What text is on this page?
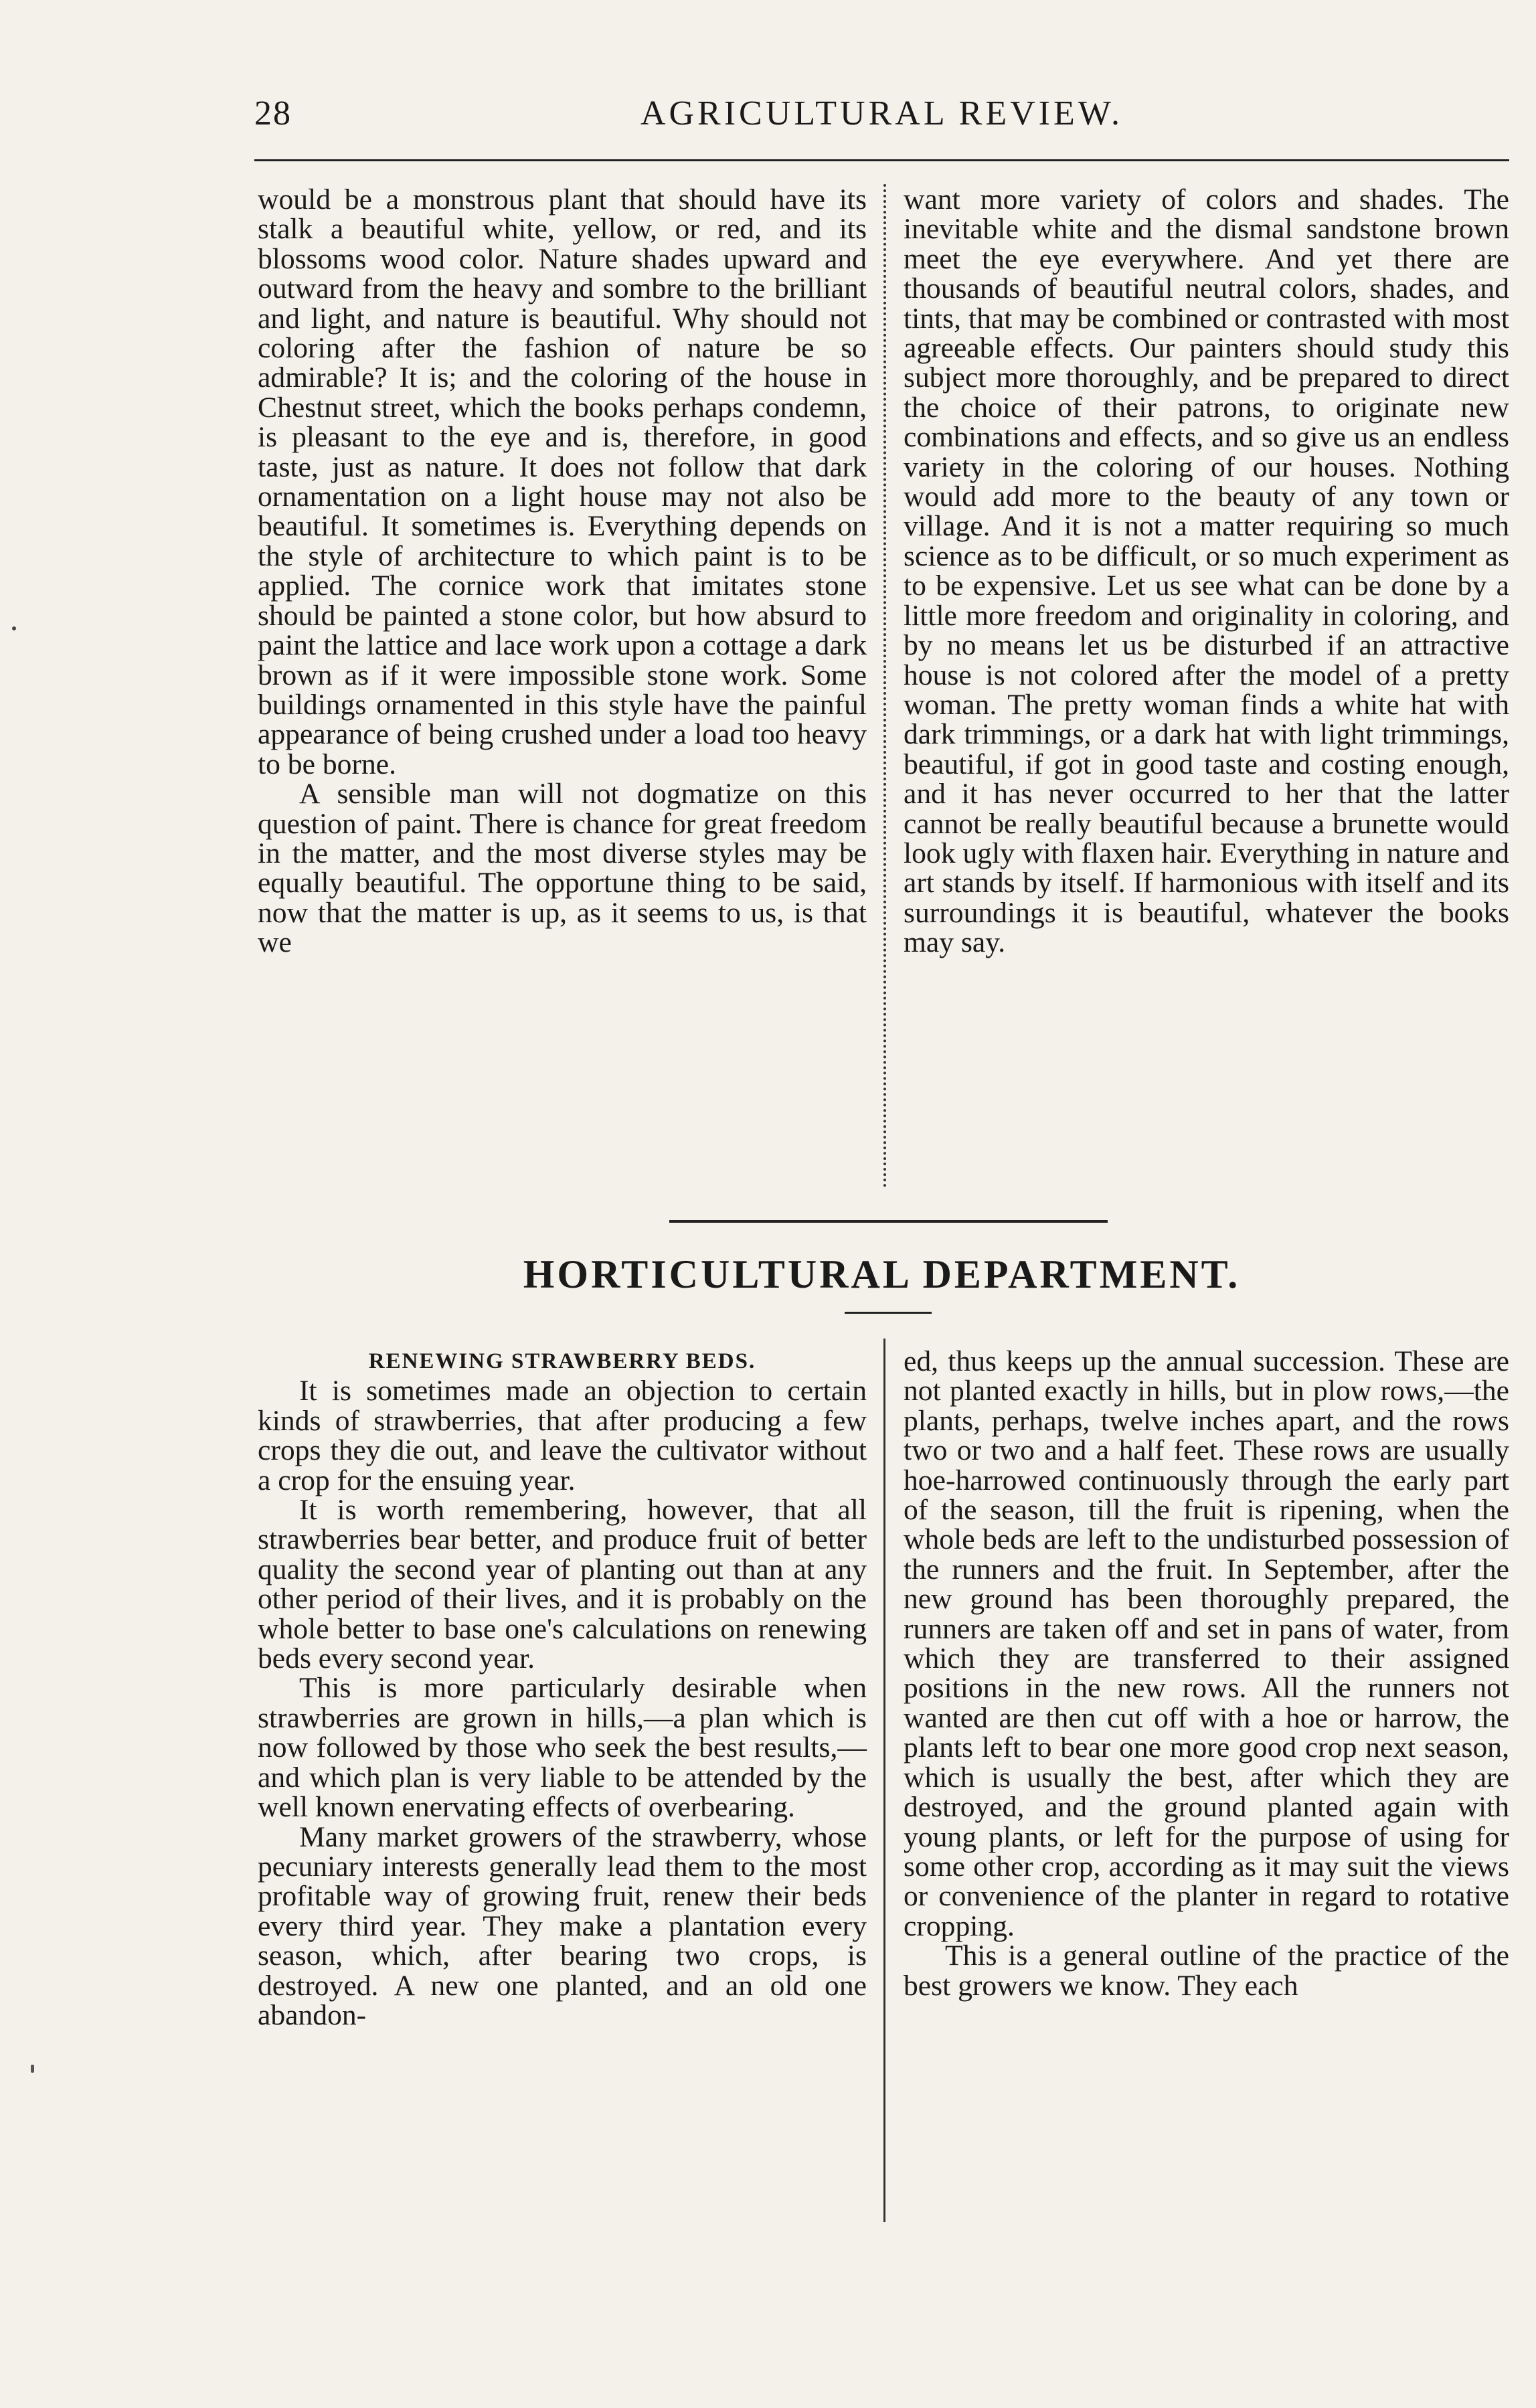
28	AGRICULTURAL REVIEW.

would be a monstrous plant that should have its stalk a beautiful white, yellow, or red, and its blossoms wood color. Nature shades upward and outward from the heavy and sombre to the brilliant and light, and nature is beautiful. Why should not coloring after the fashion of nature be so admirable? It is; and the coloring of the house in Chestnut street, which the books perhaps condemn, is pleasant to the eye and is, therefore, in good taste, just as nature. It does not follow that dark ornamentation on a light house may not also be beautiful. It sometimes is. Everything depends on the style of architecture to which paint is to be applied. The cornice work that imitates stone should be painted a stone color, but how absurd to paint the lattice and lace work upon a cottage a dark brown as if it were impossible stone work. Some buildings ornamented in this style have the painful appearance of being crushed under a load too heavy to be borne.

A sensible man will not dogmatize on this question of paint. There is chance for great freedom in the matter, and the most diverse styles may be equally beautiful. The opportune thing to be said, now that the matter is up, as it seems to us, is that we

want more variety of colors and shades. The inevitable white and the dismal sandstone brown meet the eye everywhere. And yet there are thousands of beautiful neutral colors, shades, and tints, that may be combined or contrasted with most agreeable effects. Our painters should study this subject more thoroughly, and be prepared to direct the choice of their patrons, to originate new combinations and effects, and so give us an endless variety in the coloring of our houses. Nothing would add more to the beauty of any town or village. And it is not a matter requiring so much science as to be difficult, or so much experiment as to be expensive. Let us see what can be done by a little more freedom and originality in coloring, and by no means let us be disturbed if an attractive house is not colored after the model of a pretty woman. The pretty woman finds a white hat with dark trimmings, or a dark hat with light trimmings, beautiful, if got in good taste and costing enough, and it has never occurred to her that the latter cannot be really beautiful because a brunette would look ugly with flaxen hair. Everything in nature and art stands by itself. If harmonious with itself and its surroundings it is beautiful, whatever the books may say.

HORTICULTURAL DEPARTMENT.

RENEWING STRAWBERRY BEDS.

It is sometimes made an objection to certain kinds of strawberries, that after producing a few crops they die out, and leave the cultivator without a crop for the ensuing year.

It is worth remembering, however, that all strawberries bear better, and produce fruit of better quality the second year of planting out than at any other period of their lives, and it is probably on the whole better to base one's calculations on renewing beds every second year.

This is more particularly desirable when strawberries are grown in hills,—a plan which is now followed by those who seek the best results,—and which plan is very liable to be attended by the well known enervating effects of overbearing.

Many market growers of the strawberry, whose pecuniary interests generally lead them to the most profitable way of growing fruit, renew their beds every third year. They make a plantation every season, which, after bearing two crops, is destroyed. A new one planted, and an old one abandon-

ed, thus keeps up the annual succession. These are not planted exactly in hills, but in plow rows,—the plants, perhaps, twelve inches apart, and the rows two or two and a half feet. These rows are usually hoe-harrowed continuously through the early part of the season, till the fruit is ripening, when the whole beds are left to the undisturbed possession of the runners and the fruit. In September, after the new ground has been thoroughly prepared, the runners are taken off and set in pans of water, from which they are transferred to their assigned positions in the new rows. All the runners not wanted are then cut off with a hoe or harrow, the plants left to bear one more good crop next season, which is usually the best, after which they are destroyed, and the ground planted again with young plants, or left for the purpose of using for some other crop, according as it may suit the views or convenience of the planter in regard to rotative cropping.

This is a general outline of the practice of the best growers we know. They each
